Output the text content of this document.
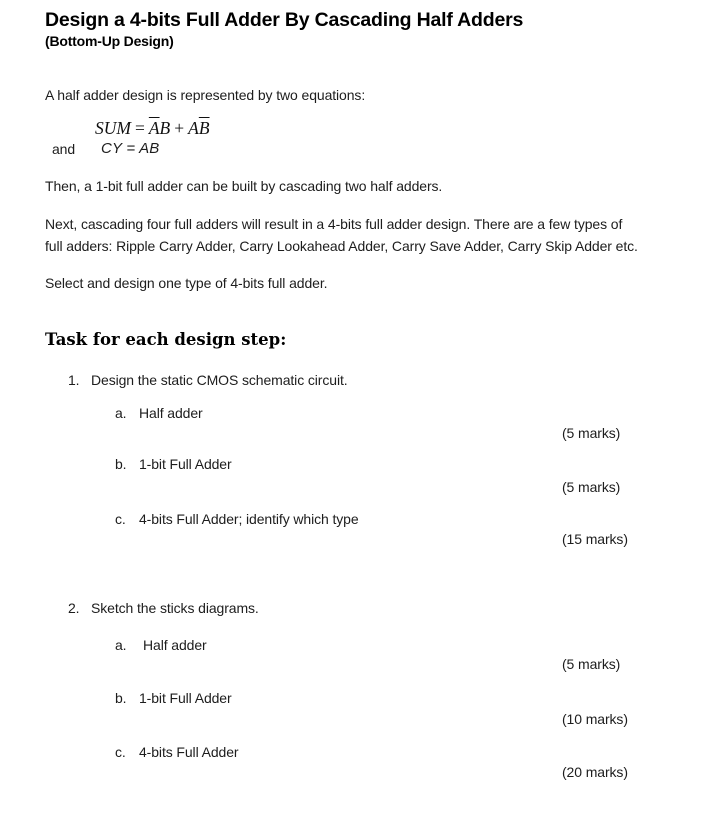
Design a 4-bits Full Adder By Cascading Half Adders
(Bottom-Up Design)
A half adder design is represented by two equations:
SUM = $\overline{A}B + A\overline{B}$
and CY = AB
Then, a 1-bit full adder can be built by cascading two half adders.
Next, cascading four full adders will result in a 4-bits full adder design. There are a few types of
full adders: Ripple Carry Adder, Carry Lookahead Adder, Carry Save Adder, Carry Skip Adder etc.
Select and design one type of 4-bits full adder.
Task for each design step:
1. Design the static CMOS schematic circuit.
a. Half adder
(5 marks)
b. 1-bit Full Adder
(5 marks)
c. 4-bits Full Adder; identify which type
(15 marks)
2. Sketch the sticks diagrams.
a. Half adder
(5 marks)
b. 1-bit Full Adder
(10 marks)
c. 4-bits Full Adder
(20 marks)
